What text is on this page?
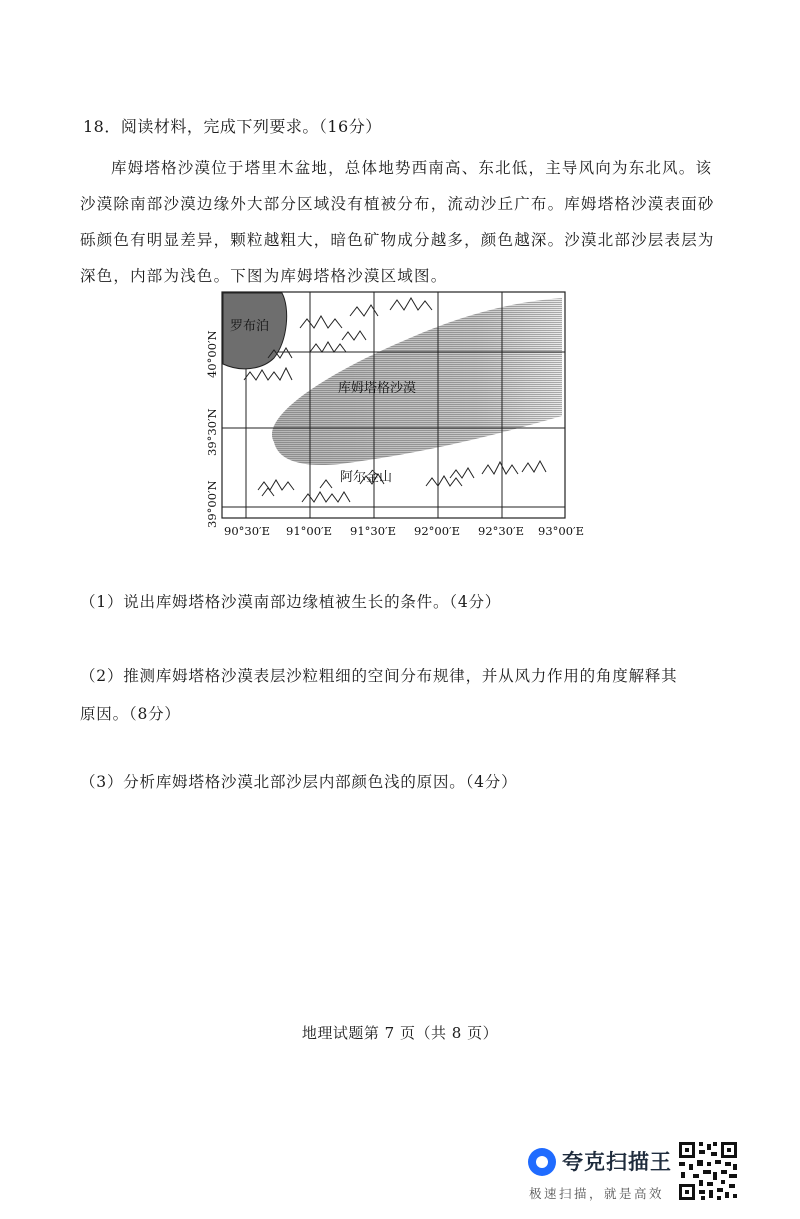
18．阅读材料，完成下列要求。（16分）

库姆塔格沙漠位于塔里木盆地，总体地势西南高、东北低，主导风向为东北风。该沙漠除南部沙漠边缘外大部分区域没有植被分布，流动沙丘广布。库姆塔格沙漠表面砂砾颜色有明显差异，颗粒越粗大，暗色矿物成分越多，颜色越深。沙漠北部沙层表层为深色，内部为浅色。下图为库姆塔格沙漠区域图。

罗布泊
库姆塔格沙漠
阿尔金山
40°00′N
39°30′N
39°00′N
90°30′E 91°00′E 91°30′E 92°00′E 92°30′E 93°00′E
（1）说出库姆塔格沙漠南部边缘植被生长的条件。（4分）
（2）推测库姆塔格沙漠表层沙粒粗细的空间分布规律，并从风力作用的角度解释其
原因。（8分）
（3）分析库姆塔格沙漠北部沙层内部颜色浅的原因。（4分）
地理试题第 7 页（共 8 页）
夸克扫描王
极速扫描，就是高效
